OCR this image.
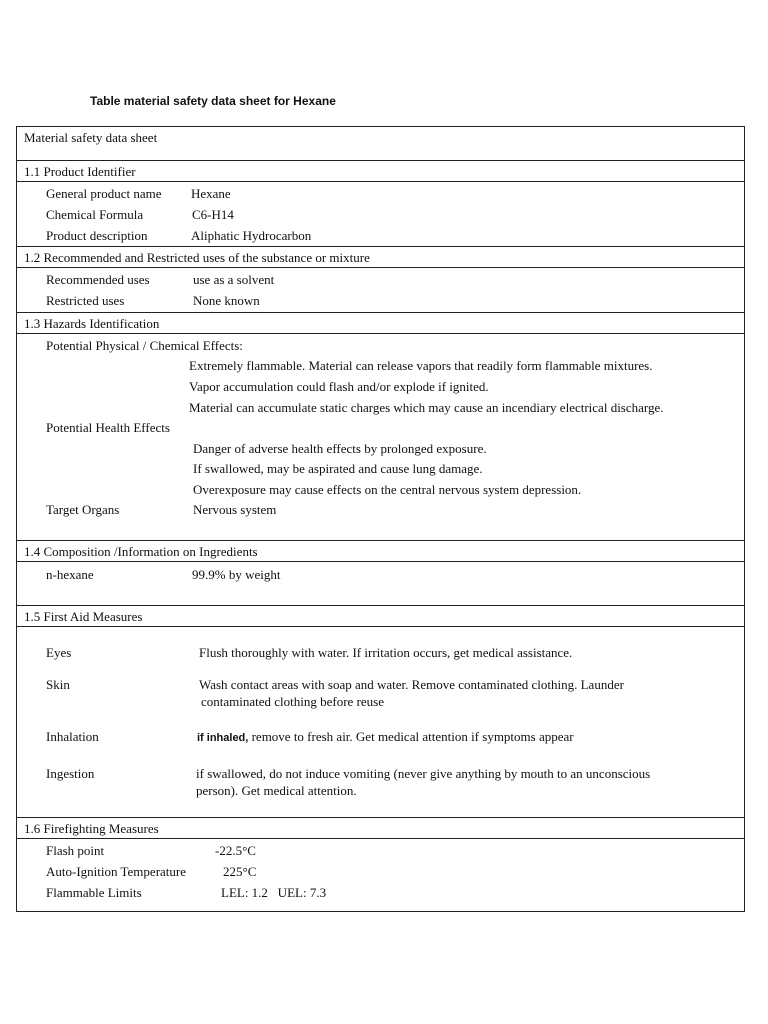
Table material safety data sheet for Hexane
Material safety data sheet
1.1 Product Identifier
General product name Hexane
Chemical Formula	C6-H14
Product description	Aliphatic Hydrocarbon
1.2 Recommended and Restricted uses of the substance or mixture
Recommended uses	use as a solvent
Restricted uses	None known
1.3 Hazards Identification
Potential Physical / Chemical Effects:
Extremely flammable. Material can release vapors that readily form flammable mixtures.
Vapor accumulation could flash and/or explode if ignited.
Material can accumulate static charges which may cause an incendiary electrical discharge.
Potential Health Effects
Danger of adverse health effects by prolonged exposure.
If swallowed, may be aspirated and cause lung damage.
Overexposure may cause effects on the central nervous system depression.
Target Organs	Nervous system
1.4 Composition /Information on Ingredients
n-hexane	99.9% by weight
1.5 First Aid Measures
Eyes	Flush thoroughly with water. If irritation occurs, get medical assistance.
Skin	Wash contact areas with soap and water. Remove contaminated clothing. Launder
contaminated clothing before reuse
Inhalation	if inhaled, remove to fresh air. Get medical attention if symptoms appear
Ingestion	if swallowed, do not induce vomiting (never give anything by mouth to an unconscious
person). Get medical attention.
1.6 Firefighting Measures
Flash point	-22.5°C
Auto-Ignition Temperature	225°C
Flammable Limits	LEL: 1.2   UEL: 7.3
